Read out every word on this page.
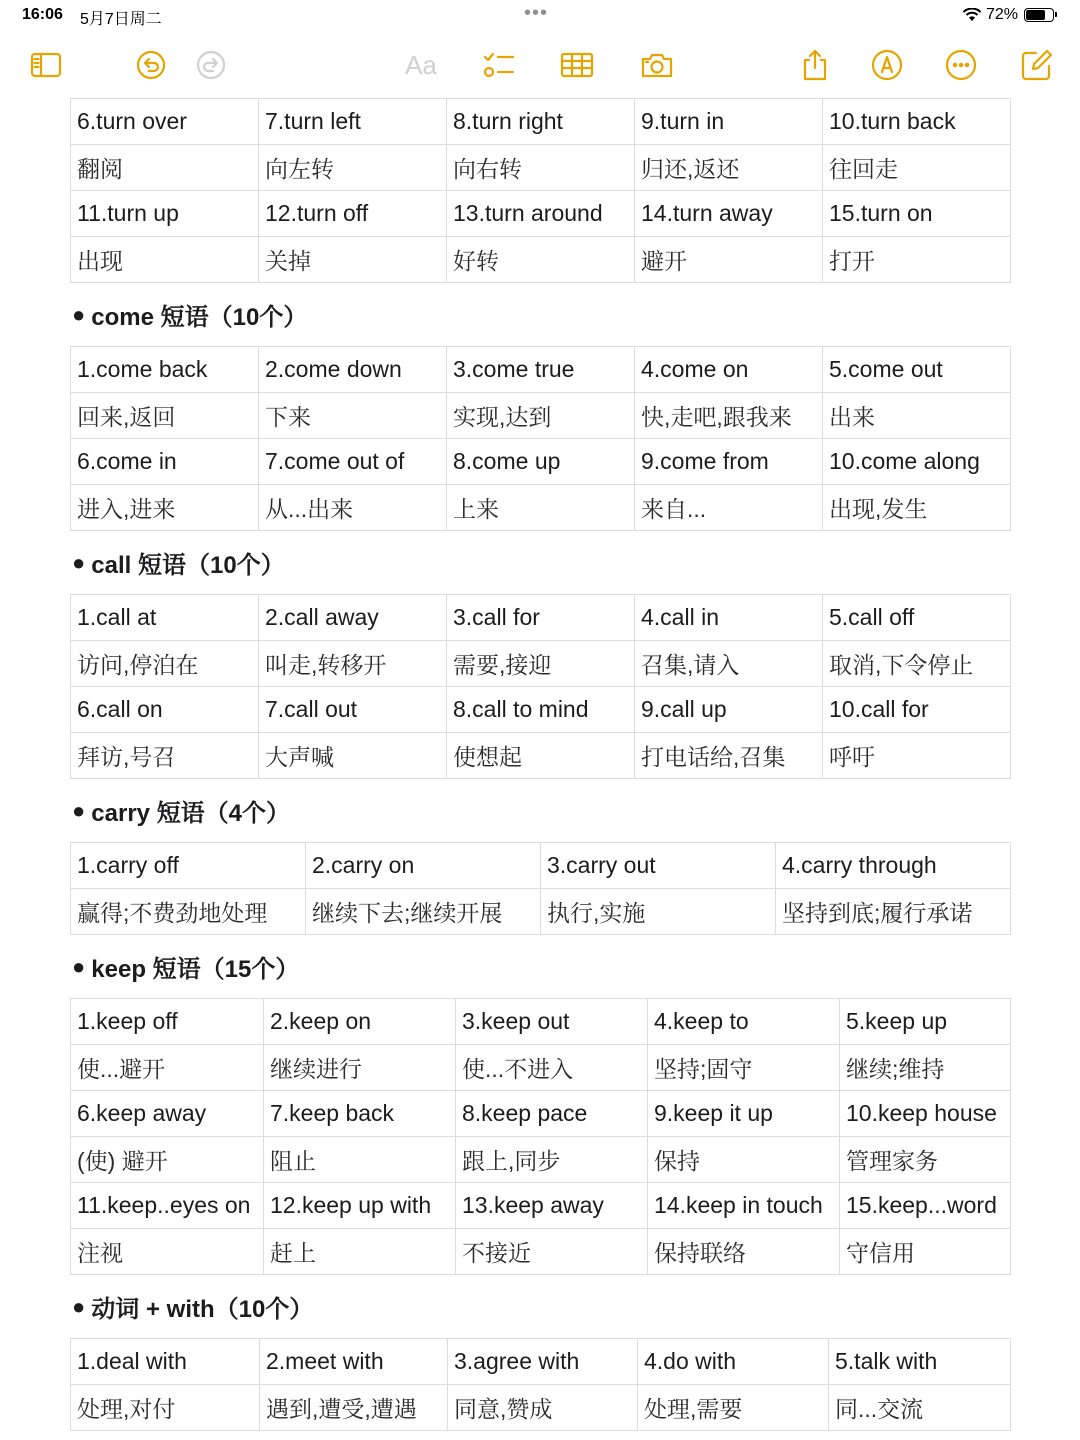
16:06 5月7日周二	•••	72%
Aa
6.turn over	7.turn left	8.turn right	9.turn in	10.turn back
翻阅	向左转	向右转	归还,返还	往回走
11.turn up	12.turn off	13.turn around	14.turn away	15.turn on
出现	关掉	好转	避开	打开
● come 短语（10个）
1.come back	2.come down	3.come true	4.come on	5.come out
回来,返回	下来	实现,达到	快,走吧,跟我来	出来
6.come in	7.come out of	8.come up	9.come from	10.come along
进入,进来	从...出来	上来	来自...	出现,发生
● call 短语（10个）
1.call at	2.call away	3.call for	4.call in	5.call off
访问,停泊在	叫走,转移开	需要,接迎	召集,请入	取消,下令停止
6.call on	7.call out	8.call to mind	9.call up	10.call for
拜访,号召	大声喊	使想起	打电话给,召集	呼吁
● carry 短语（4个）
1.carry off	2.carry on	3.carry out	4.carry through
赢得;不费劲地处理	继续下去;继续开展	执行,实施	坚持到底;履行承诺
● keep 短语（15个）
1.keep off	2.keep on	3.keep out	4.keep to	5.keep up
使...避开	继续进行	使...不进入	坚持;固守	继续;维持
6.keep away	7.keep back	8.keep pace	9.keep it up	10.keep house
(使) 避开	阻止	跟上,同步	保持	管理家务
11.keep..eyes on	12.keep up with	13.keep away	14.keep in touch	15.keep...word
注视	赶上	不接近	保持联络	守信用
● 动词 + with（10个）
1.deal with	2.meet with	3.agree with	4.do with	5.talk with
处理,对付	遇到,遭受,遭遇	同意,赞成	处理,需要	同...交流
